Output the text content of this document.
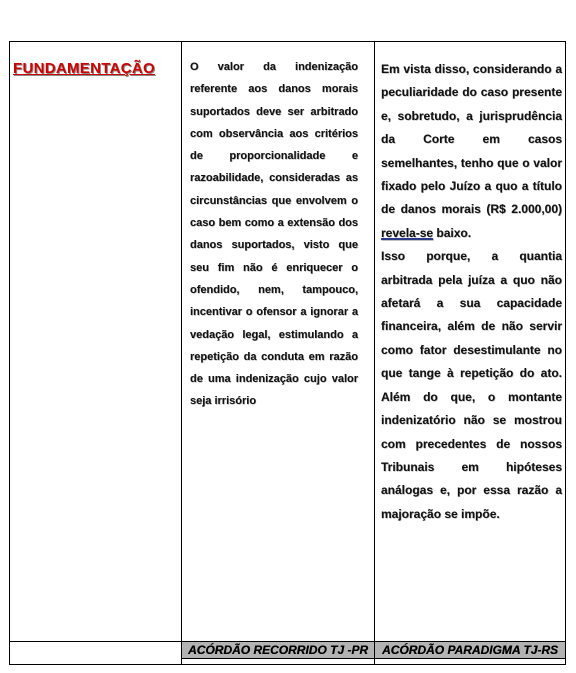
ACÓRDÃO RECORRIDO TJ -PR	ACÓRDÃO PARADIGMA TJ-RS
FUNDAMENTAÇÃO	O valor da indenização referente aos danos morais suportados deve ser arbitrado com observância aos critérios de proporcionalidade e razoabilidade, consideradas as circunstâncias que envolvem o caso bem como a extensão dos danos suportados, visto que seu fim não é enriquecer o ofendido, nem, tampouco, incentivar o ofensor a ignorar a vedação legal, estimulando a repetição da conduta em razão de uma indenização cujo valor seja irrisório

Em vista disso, considerando a peculiaridade do caso presente e, sobretudo, a jurisprudência da Corte em casos semelhantes, tenho que o valor fixado pelo Juízo a quo a título de danos morais (R$ 2.000,00) revela-se baixo.

Isso porque, a quantia arbitrada pela juíza a quo não afetará a sua capacidade financeira, além de não servir como fator desestimulante no que tange à repetição do ato. Além do que, o montante indenizatório não se mostrou com precedentes de nossos Tribunais em hipóteses análogas e, por essa razão a majoração se impõe.
